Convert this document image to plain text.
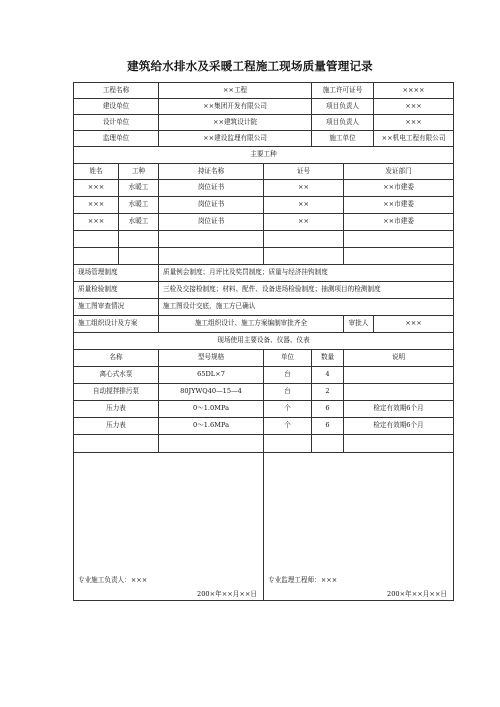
建筑给水排水及采暖工程施工现场质量管理记录
工程名称		××工程		施工许可证号		××××
建设单位		××集团开发有限公司		项目负责人		×××
设计单位		××建筑设计院		项目负责人		×××
监理单位		××建设监理有限公司		施工单位		××机电工程有限公司
主要工种						
姓名	工种	持证名称	证号		发证部门	
×××	水暖工	岗位证书	××		××市建委	
×××	水暖工	岗位证书	××		××市建委	
×××	水暖工	岗位证书	××		××市建委	

现场管理制度		质量例会制度；月评比及奖罚制度；质量与经济挂钩制度				
质量检验制度		三检及交接检制度；材料、配件、设备进场检验制度；抽测项目的检测制度				
施工图审查情况		施工图设计交底，施工方已确认				
施工组织设计及方案		施工组织设计、施工方案编制审批齐全			审批人	×××
现场使用主要设备、仪器、仪表						
名称		型号规格	单位	数量	说明	
离心式水泵		65DL×7	台	4		
自动搅拌排污泵		80JYWQ40—15—4	台	2		
压力表		0～1.0MPa	个	6	检定有效期6个月	
压力表		0～1.6MPa	个	6	检定有效期6个月	

专业施工负责人：×××
200×年××月××日			专业监理工程师：×××
200×年××月××日			
